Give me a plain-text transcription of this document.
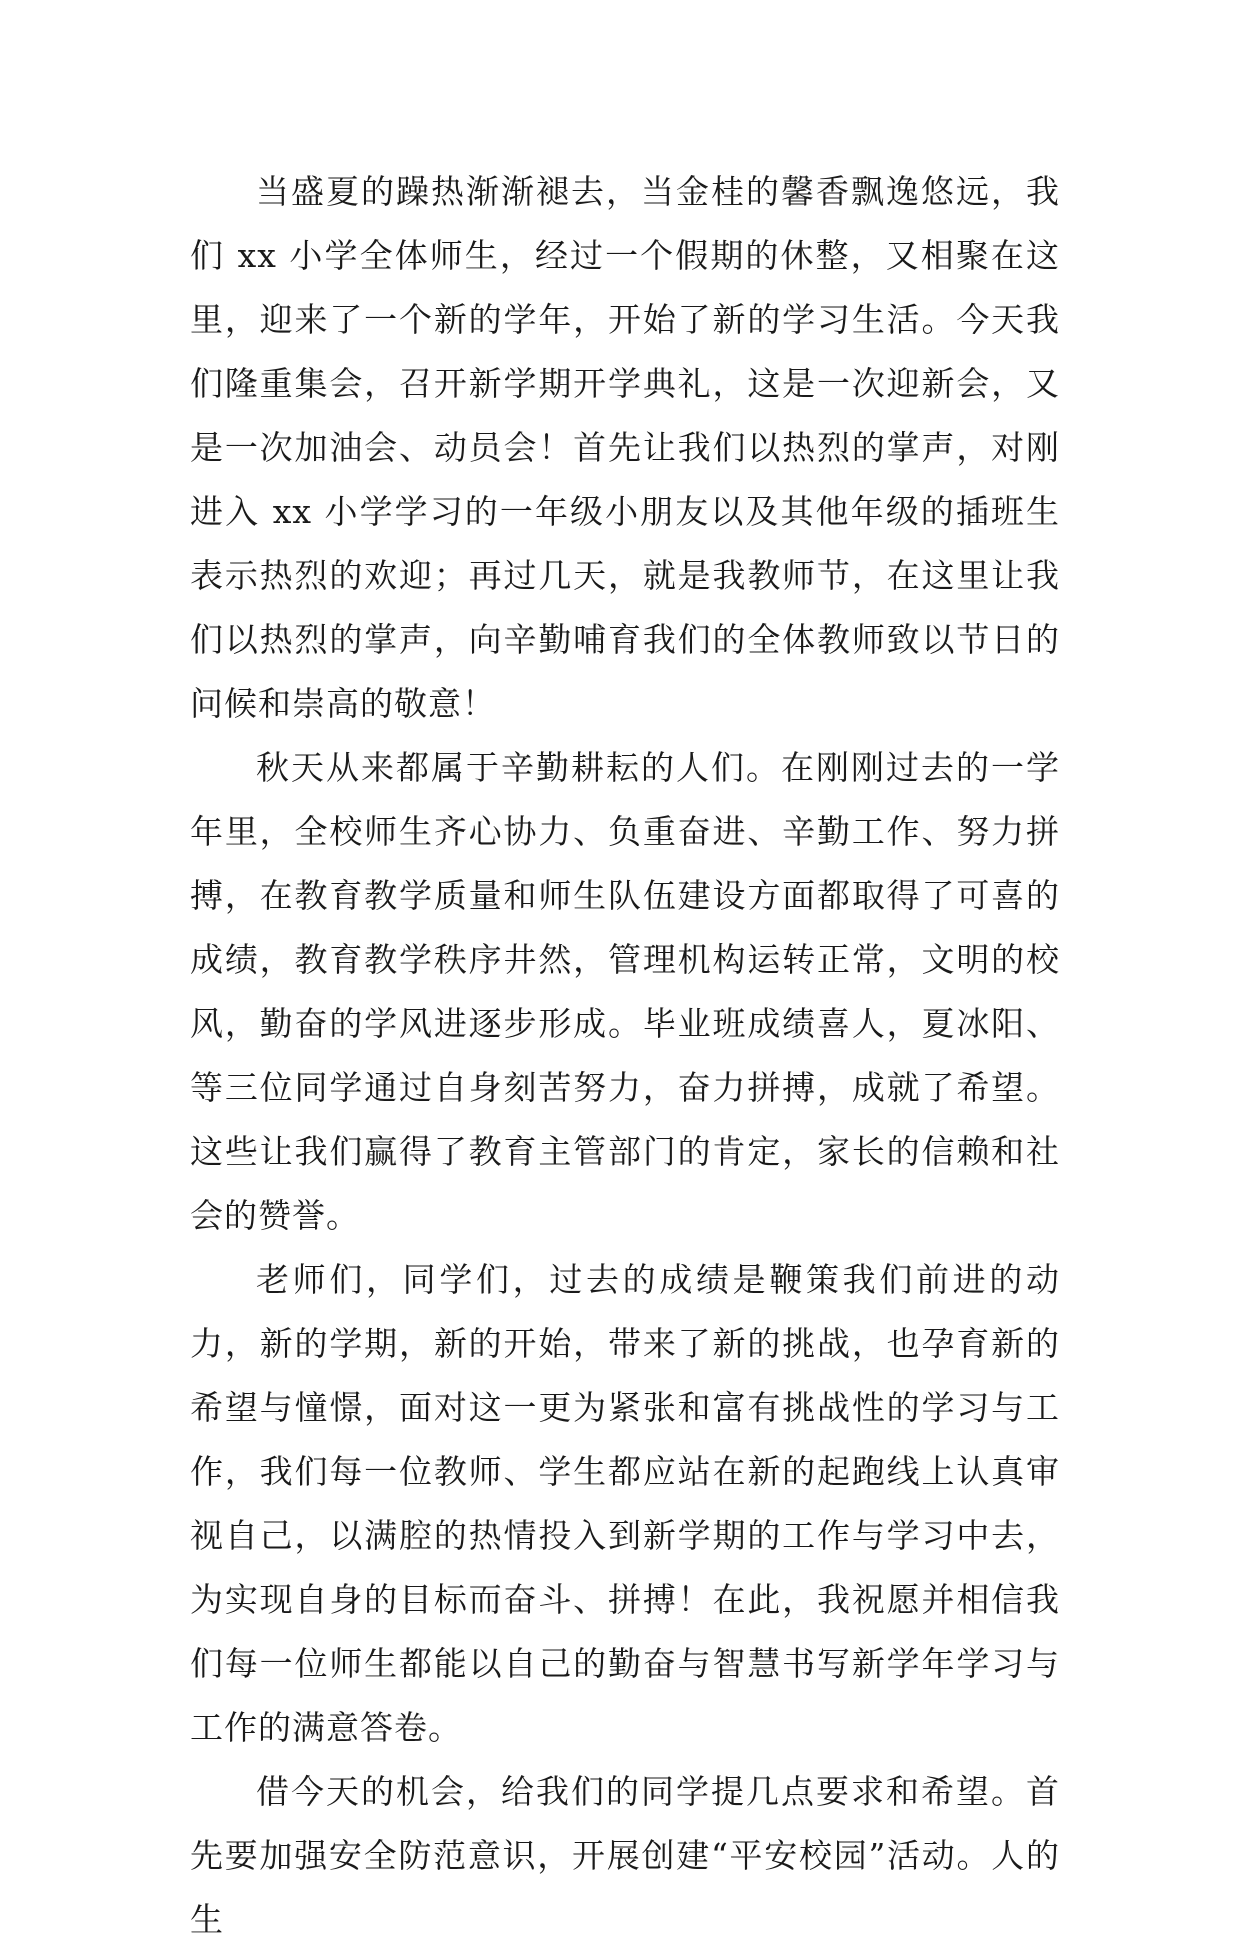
当盛夏的躁热渐渐褪去，当金桂的馨香飘逸悠远，我们 xx 小学全体师生，经过一个假期的休整，又相聚在这里，迎来了一个新的学年，开始了新的学习生活。今天我们隆重集会，召开新学期开学典礼，这是一次迎新会，又是一次加油会、动员会！首先让我们以热烈的掌声，对刚进入 xx 小学学习的一年级小朋友以及其他年级的插班生表示热烈的欢迎；再过几天，就是我教师节，在这里让我们以热烈的掌声，向辛勤哺育我们的全体教师致以节日的问候和崇高的敬意！

秋天从来都属于辛勤耕耘的人们。在刚刚过去的一学年里，全校师生齐心协力、负重奋进、辛勤工作、努力拼搏，在教育教学质量和师生队伍建设方面都取得了可喜的成绩，教育教学秩序井然，管理机构运转正常，文明的校风，勤奋的学风进逐步形成。毕业班成绩喜人，夏冰阳、等三位同学通过自身刻苦努力，奋力拼搏，成就了希望。这些让我们赢得了教育主管部门的肯定，家长的信赖和社会的赞誉。

老师们，同学们，过去的成绩是鞭策我们前进的动力，新的学期，新的开始，带来了新的挑战，也孕育新的希望与憧憬，面对这一更为紧张和富有挑战性的学习与工作，我们每一位教师、学生都应站在新的起跑线上认真审视自己，以满腔的热情投入到新学期的工作与学习中去，为实现自身的目标而奋斗、拼搏！在此，我祝愿并相信我们每一位师生都能以自己的勤奋与智慧书写新学年学习与工作的满意答卷。

借今天的机会，给我们的同学提几点要求和希望。首先要加强安全防范意识，开展创建“平安校园”活动。人的生
